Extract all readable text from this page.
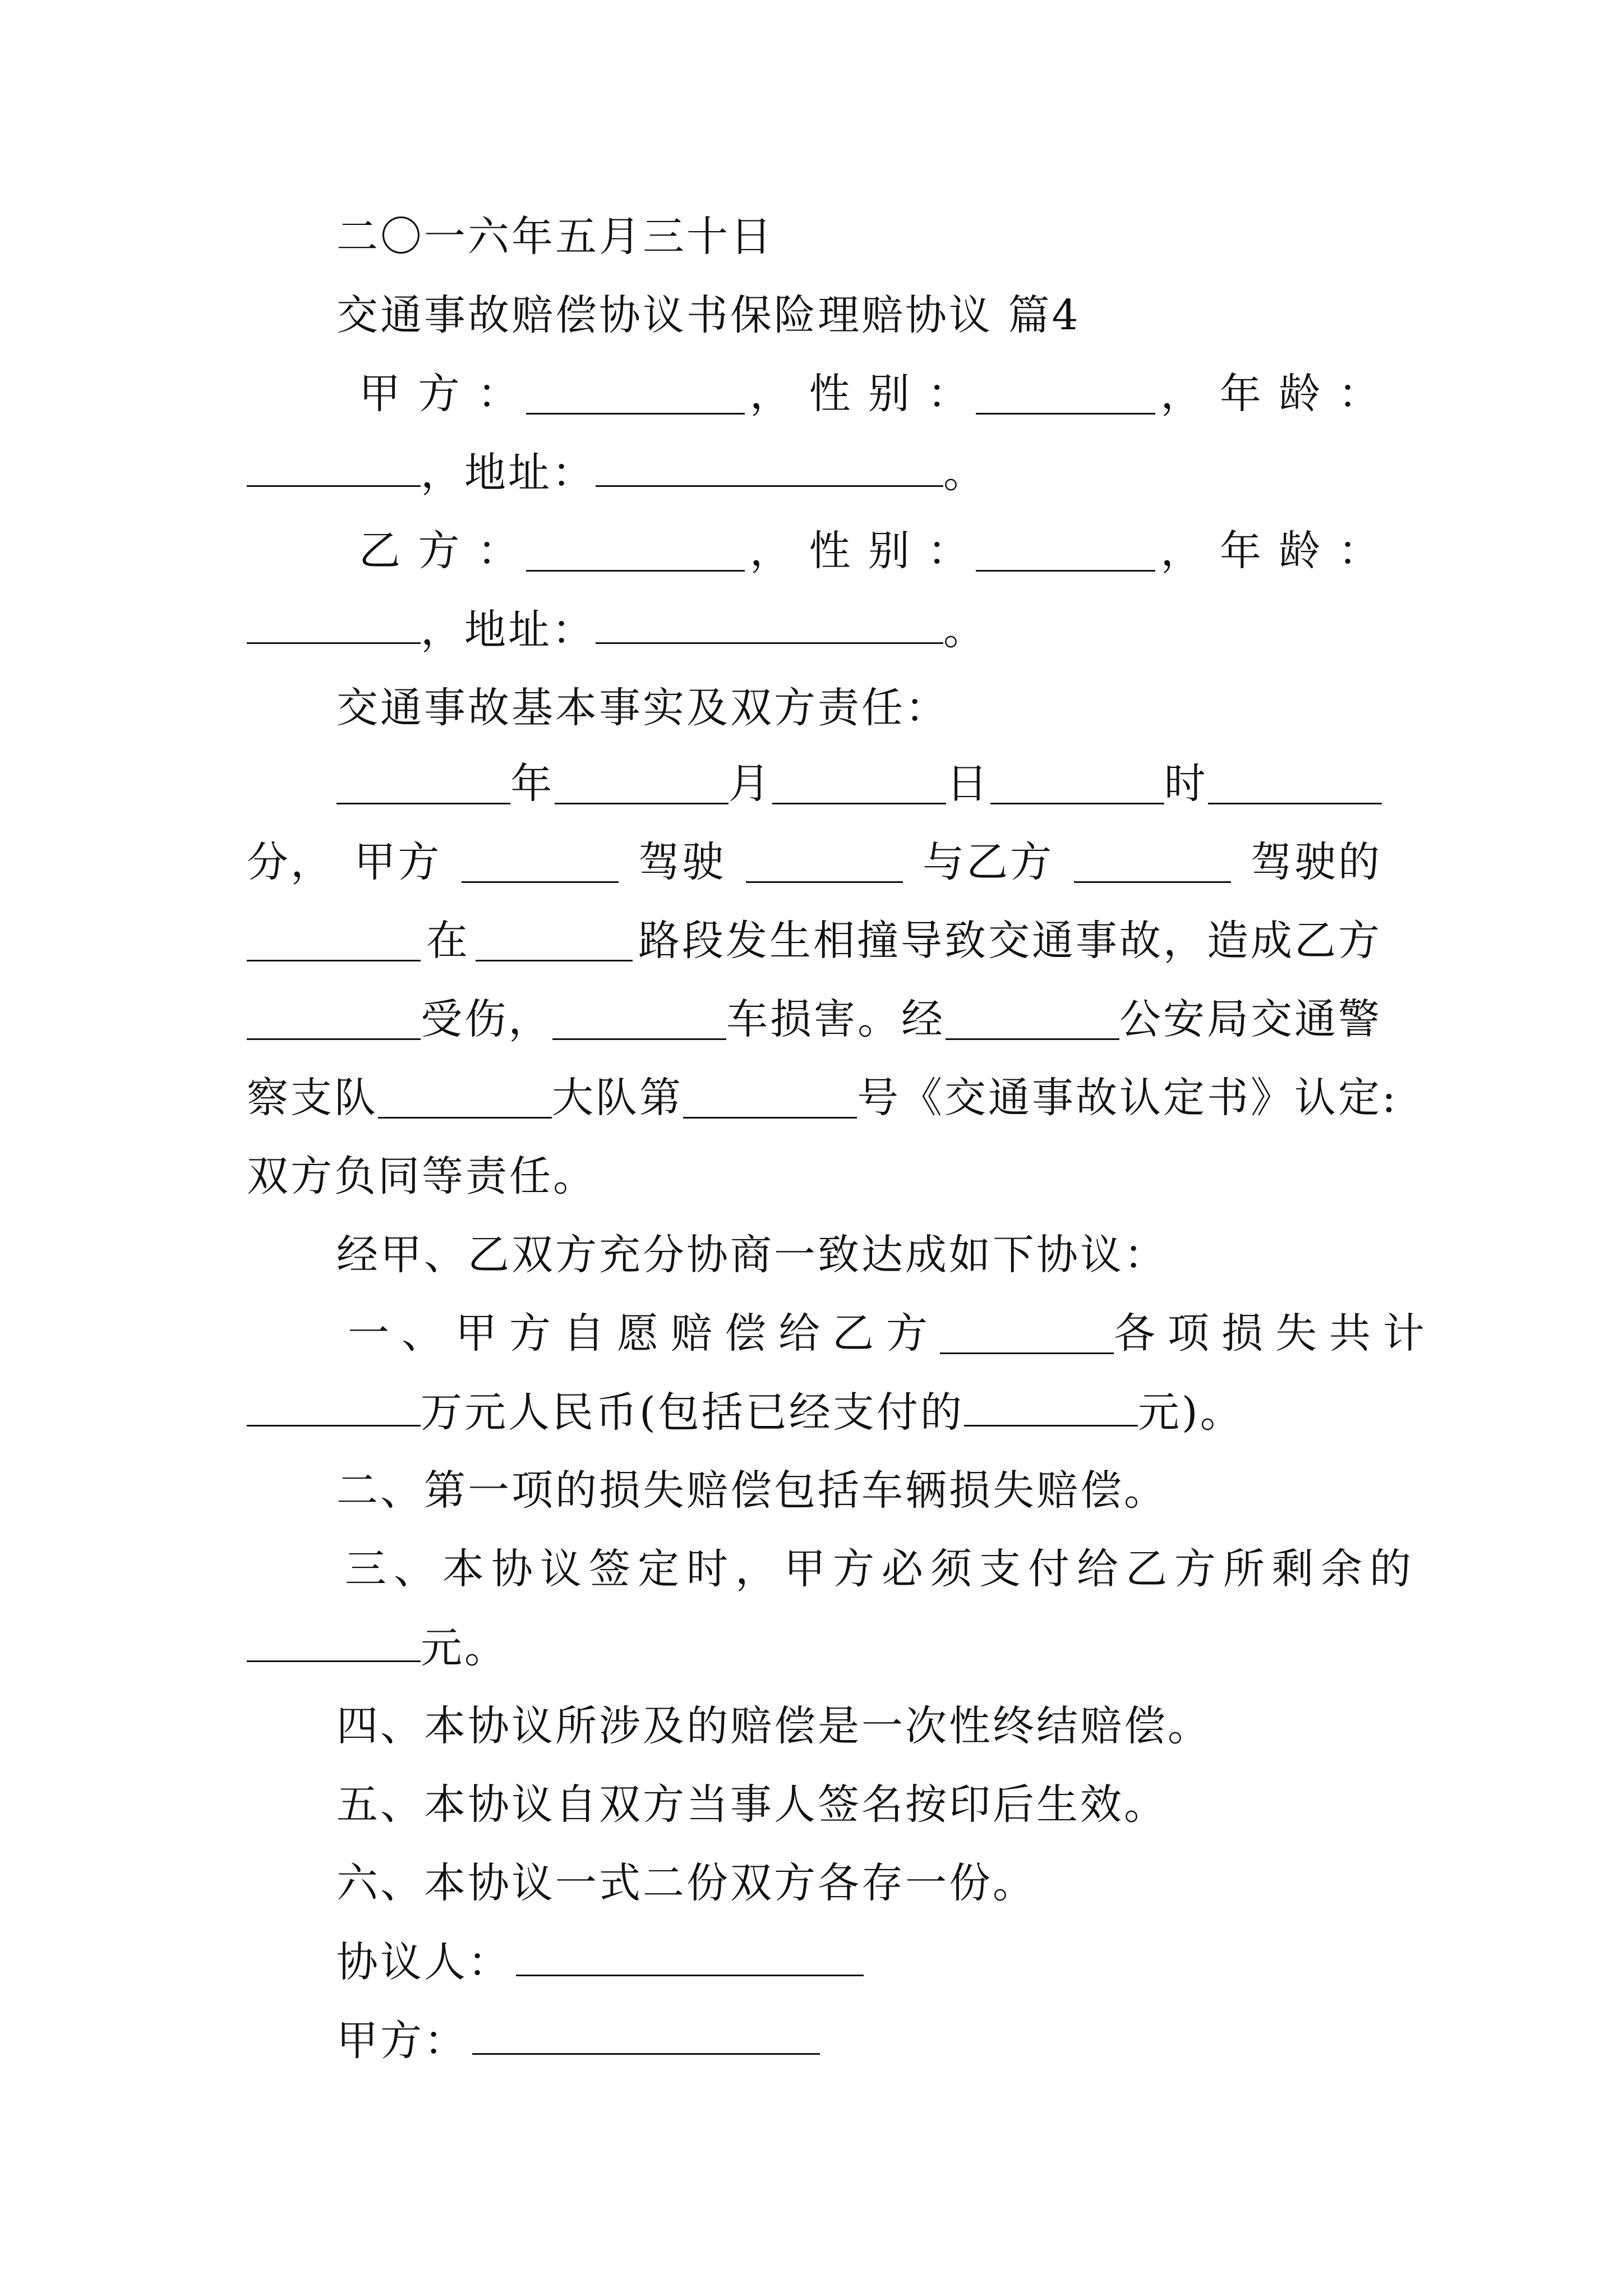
二〇一六年五月三十日
交通事故赔偿协议书保险理赔协议 篇4
甲 方 ：	， 性 别 ：	， 年 龄 ：
，地址：	。
乙 方 ：	， 性 别 ：	， 年 龄 ：
，地址：	。
交通事故基本事实及双方责任：
年	月	日	时
分， 甲方	驾驶	与乙方	驾驶的
在	路段发生相撞导致交通事故，造成乙方
受伤，	车损害。经	公安局交通警
察支队	大队第	号《交通事故认定书》认定:
双方负同等责任。
经甲、乙双方充分协商一致达成如下协议：
一、甲方自愿赔偿给乙方	各项损失共计
万元人民币(包括已经支付的	元)。
二、第一项的损失赔偿包括车辆损失赔偿。
三、本协议签定时，甲方必须支付给乙方所剩余的
元。
四、本协议所涉及的赔偿是一次性终结赔偿。
五、本协议自双方当事人签名按印后生效。
六、本协议一式二份双方各存一份。
协议人：
甲方：
